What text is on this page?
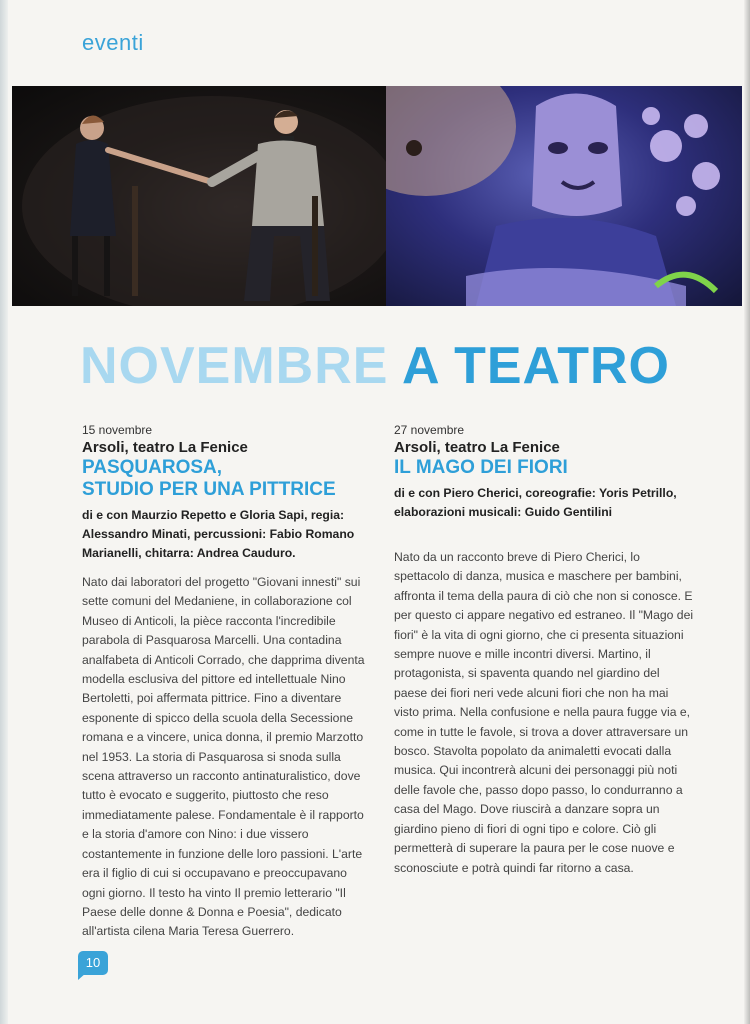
eventi
NOVEMBRE A TEATRO
15 novembre
Arsoli, teatro La Fenice
PASQUAROSA,
STUDIO PER UNA PITTRICE
di e con Maurzio Repetto e Gloria Sapi, regia: Alessandro Minati, percussioni: Fabio Romano Marianelli, chitarra: Andrea Cauduro.
Nato dai laboratori del progetto "Giovani innesti" sui sette comuni del Medaniene, in collaborazione col Museo di Anticoli, la pièce racconta l'incredibile parabola di Pasquarosa Marcelli. Una contadina analfabeta di Anticoli Corrado, che dapprima diventa modella esclusiva del pittore ed intellettuale Nino Bertoletti, poi affermata pittrice. Fino a diventare esponente di spicco della scuola della Secessione romana e a vincere, unica donna, il premio Marzotto nel 1953. La storia di Pasquarosa si snoda sulla scena attraverso un racconto antinaturalistico, dove tutto è evocato e suggerito, piuttosto che reso immediatamente palese. Fondamentale è il rapporto e la storia d'amore con Nino: i due vissero costantemente in funzione delle loro passioni. L'arte era il figlio di cui si occupavano e preoccupavano ogni giorno. Il testo ha vinto Il premio letterario "Il Paese delle donne & Donna e Poesia", dedicato all'artista cilena Maria Teresa Guerrero.
27 novembre
Arsoli, teatro La Fenice
IL MAGO DEI FIORI
di e con Piero Cherici, coreografie: Yoris Petrillo, elaborazioni musicali: Guido Gentilini
Nato da un racconto breve di Piero Cherici, lo spettacolo di danza, musica e maschere per bambini, affronta il tema della paura di ciò che non si conosce. E per questo ci appare negativo ed estraneo. Il "Mago dei fiori" è la vita di ogni giorno, che ci presenta situazioni sempre nuove e mille incontri diversi. Martino, il protagonista, si spaventa quando nel giardino del paese dei fiori neri vede alcuni fiori che non ha mai visto prima. Nella confusione e nella paura fugge via e, come in tutte le favole, si trova a dover attraversare un bosco. Stavolta popolato da animaletti evocati dalla musica. Qui incontrerà alcuni dei personaggi più noti delle favole che, passo dopo passo, lo condurranno a casa del Mago. Dove riuscirà a danzare sopra un giardino pieno di fiori di ogni tipo e colore. Ciò gli permetterà di superare la paura per le cose nuove e sconosciute e potrà quindi far ritorno a casa.
10
